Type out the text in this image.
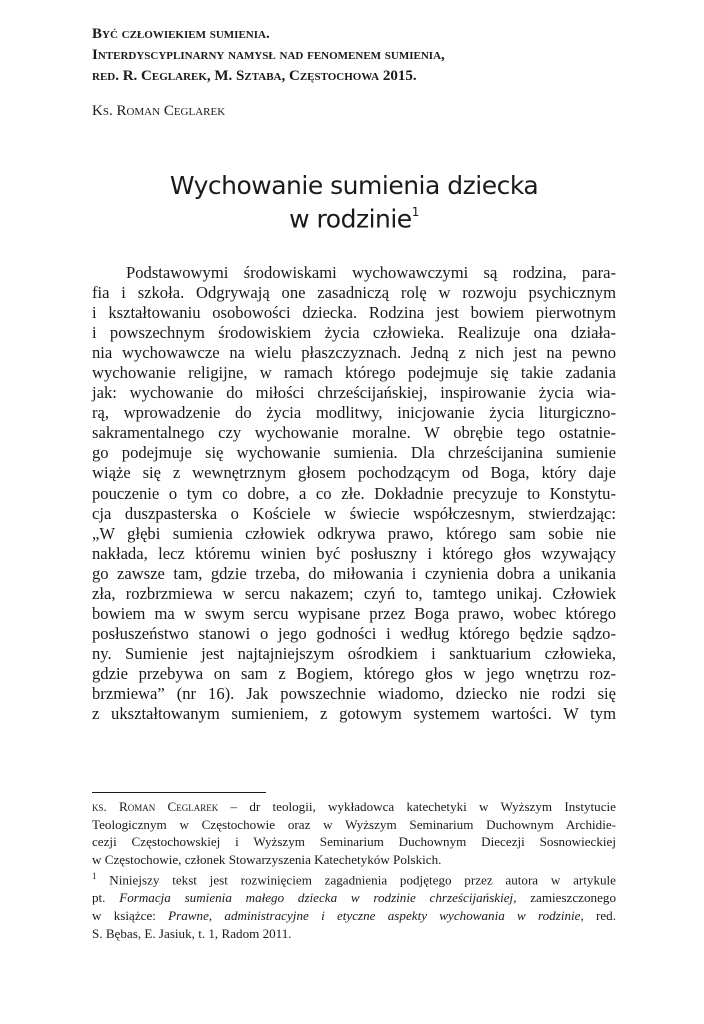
Być człowiekiem sumienia.
Interdyscyplinarny namysł nad fenomenem sumienia,
red. R. Ceglarek, M. Sztaba, Częstochowa 2015.
Ks. Roman Ceglarek
Wychowanie sumienia dziecka
w rodzinie$^1$
Podstawowymi środowiskami wychowawczymi są rodzina, para-
fia i szkoła. Odgrywają one zasadniczą rolę w rozwoju psychicznym
i kształtowaniu osobowości dziecka. Rodzina jest bowiem pierwotnym
i powszechnym środowiskiem życia człowieka. Realizuje ona działa-
nia wychowawcze na wielu płaszczyznach. Jedną z nich jest na pewno
wychowanie religijne, w ramach którego podejmuje się takie zadania
jak: wychowanie do miłości chrześcijańskiej, inspirowanie życia wia-
rą, wprowadzenie do życia modlitwy, inicjowanie życia liturgiczno-
sakramentalnego czy wychowanie moralne. W obrębie tego ostatnie-
go podejmuje się wychowanie sumienia. Dla chrześcijanina sumienie
wiąże się z wewnętrznym głosem pochodzącym od Boga, który daje
pouczenie o tym co dobre, a co złe. Dokładnie precyzuje to Konstytu-
cja duszpasterska o Kościele w świecie współczesnym, stwierdzając:
„W głębi sumienia człowiek odkrywa prawo, którego sam sobie nie
nakłada, lecz któremu winien być posłuszny i którego głos wzywający
go zawsze tam, gdzie trzeba, do miłowania i czynienia dobra a unikania
zła, rozbrzmiewa w sercu nakazem; czyń to, tamtego unikaj. Człowiek
bowiem ma w swym sercu wypisane przez Boga prawo, wobec którego
posłuszeństwo stanowi o jego godności i według którego będzie sądzo-
ny. Sumienie jest najtajniejszym ośrodkiem i sanktuarium człowieka,
gdzie przebywa on sam z Bogiem, którego głos w jego wnętrzu roz-
brzmiewa” (nr 16). Jak powszechnie wiadomo, dziecko nie rodzi się
z ukształtowanym sumieniem, z gotowym systemem wartości. W tym
ks. Roman Ceglarek – dr teologii, wykładowca katechetyki w Wyższym Instytucie
Teologicznym w Częstochowie oraz w Wyższym Seminarium Duchownym Archidie-
cezji Częstochowskiej i Wyższym Seminarium Duchownym Diecezji Sosnowieckiej
w Częstochowie, członek Stowarzyszenia Katechetyków Polskich.
$^1$ Niniejszy tekst jest rozwinięciem zagadnienia podjętego przez autora w artykule
pt. Formacja sumienia małego dziecka w rodzinie chrześcijańskiej, zamieszczonego
w książce: Prawne, administracyjne i etyczne aspekty wychowania w rodzinie, red.
S. Bębas, E. Jasiuk, t. 1, Radom 2011.
